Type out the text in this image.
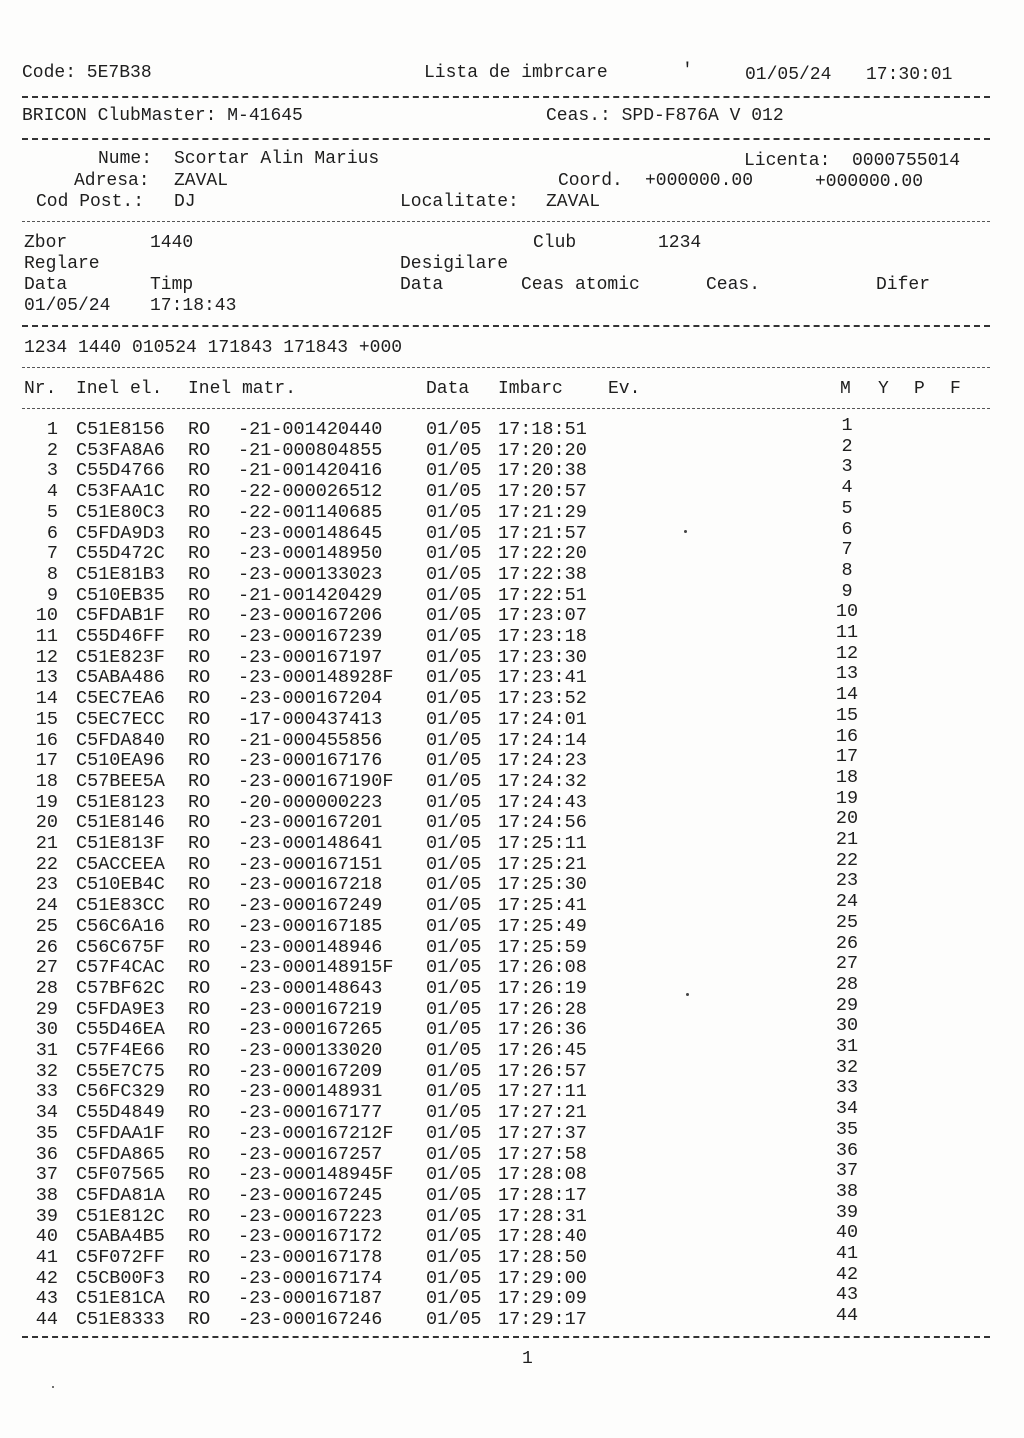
Code: 5E7B38	Lista de imbrcare	'	01/05/24 17:30:01
BRICON ClubMaster: M-41645	Ceas.: SPD-F876A V 012
Nume: Scortar Alin Marius	Licenta: 0000755014
Adresa: ZAVAL	Coord. +000000.00	+000000.00
Cod Post.: DJ	Localitate: ZAVAL
Zbor	1440	Club	1234
Reglare	Desigilare
Data	Timp	Data	Ceas atomic	Ceas.	Difer
01/05/24 17:18:43
1234 1440 010524 171843 171843 +000
Nr. Inel el. Inel matr.	Data Imbarc	Ev.	M Y P F
1 C51E8156 RO -21-001420440 01/05 17:18:51	1
2 C53FA8A6 RO -21-000804855 01/05 17:20:20	2
3 C55D4766 RO -21-001420416 01/05 17:20:38	3
4 C53FAA1C RO -22-000026512 01/05 17:20:57	4
5 C51E80C3 RO -22-001140685 01/05 17:21:29	5
6 C5FDA9D3 RO -23-000148645 01/05 17:21:57	6
7 C55D472C RO -23-000148950 01/05 17:22:20	7
8 C51E81B3 RO -23-000133023 01/05 17:22:38	8
9 C510EB35 RO -21-001420429 01/05 17:22:51	9
10 C5FDAB1F RO -23-000167206 01/05 17:23:07	10
11 C55D46FF RO -23-000167239 01/05 17:23:18	11
12 C51E823F RO -23-000167197 01/05 17:23:30	12
13 C5ABA486 RO -23-000148928F 01/05 17:23:41	13
14 C5EC7EA6 RO -23-000167204 01/05 17:23:52	14
15 C5EC7ECC RO -17-000437413 01/05 17:24:01	15
16 C5FDA840 RO -21-000455856 01/05 17:24:14	16
17 C510EA96 RO -23-000167176 01/05 17:24:23	17
18 C57BEE5A RO -23-000167190F 01/05 17:24:32	18
19 C51E8123 RO -20-000000223 01/05 17:24:43	19
20 C51E8146 RO -23-000167201 01/05 17:24:56	20
21 C51E813F RO -23-000148641 01/05 17:25:11	21
22 C5ACCEEA RO -23-000167151 01/05 17:25:21	22
23 C510EB4C RO -23-000167218 01/05 17:25:30	23
24 C51E83CC RO -23-000167249 01/05 17:25:41	24
25 C56C6A16 RO -23-000167185 01/05 17:25:49	25
26 C56C675F RO -23-000148946 01/05 17:25:59	26
27 C57F4CAC RO -23-000148915F 01/05 17:26:08	27
28 C57BF62C RO -23-000148643 01/05 17:26:19	28
29 C5FDA9E3 RO -23-000167219 01/05 17:26:28	29
30 C55D46EA RO -23-000167265 01/05 17:26:36	30
31 C57F4E66 RO -23-000133020 01/05 17:26:45	31
32 C55E7C75 RO -23-000167209 01/05 17:26:57	32
33 C56FC329 RO -23-000148931 01/05 17:27:11	33
34 C55D4849 RO -23-000167177 01/05 17:27:21	34
35 C5FDAA1F RO -23-000167212F 01/05 17:27:37	35
36 C5FDA865 RO -23-000167257 01/05 17:27:58	36
37 C5F07565 RO -23-000148945F 01/05 17:28:08	37
38 C5FDA81A RO -23-000167245 01/05 17:28:17	38
39 C51E812C RO -23-000167223 01/05 17:28:31	39
40 C5ABA4B5 RO -23-000167172 01/05 17:28:40	40
41 C5F072FF RO -23-000167178 01/05 17:28:50	41
42 C5CB00F3 RO -23-000167174 01/05 17:29:00	42
43 C51E81CA RO -23-000167187 01/05 17:29:09	43
44 C51E8333 RO -23-000167246 01/05 17:29:17	44
1
